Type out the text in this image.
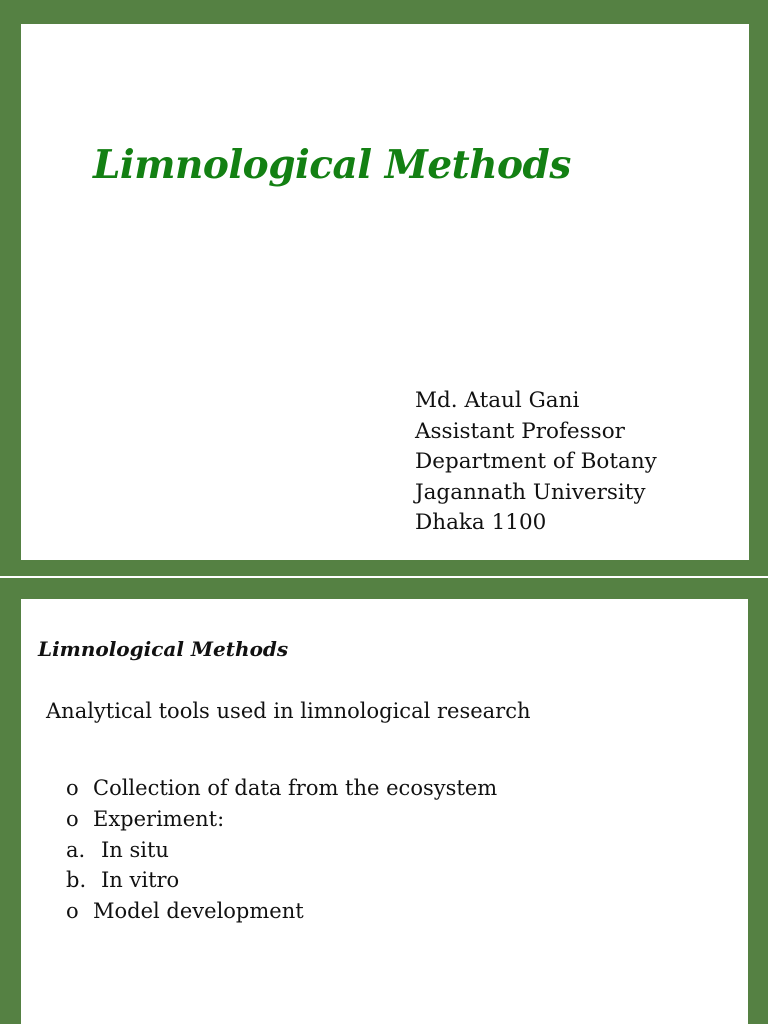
Limnological Methods
Md. Ataul Gani
Assistant Professor
Department of Botany
Jagannath University
Dhaka 1100
Limnological Methods

Analytical tools used in limnological research

o Collection of data from the ecosystem
o Experiment:
a. In situ
b. In vitro
o Model development
